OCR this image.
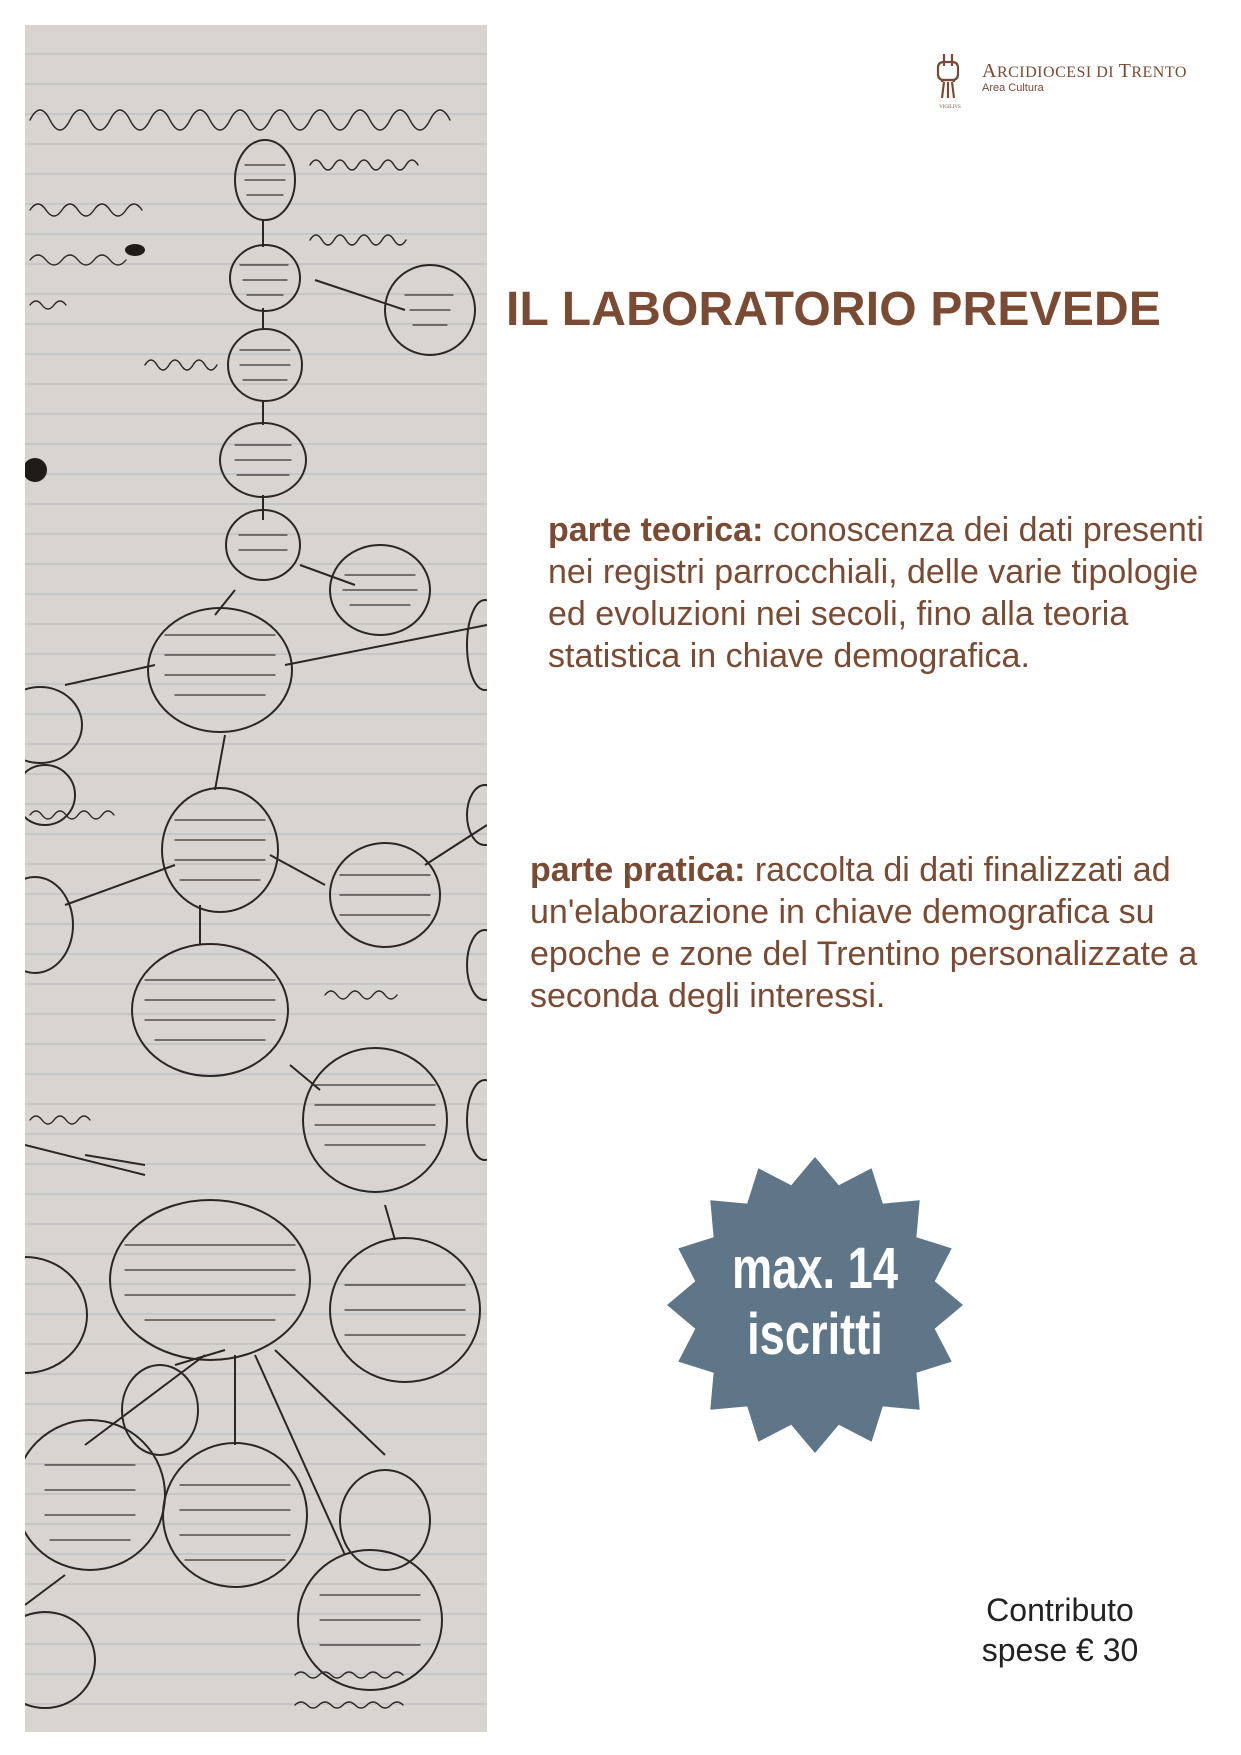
VIGILIVS
ARCIDIOCESI DI TRENTO
Area Cultura
IL LABORATORIO PREVEDE

parte teorica: conoscenza dei dati presenti nei registri parrocchiali, delle varie tipologie ed evoluzioni nei secoli, fino alla teoria statistica in chiave demografica.

parte pratica: raccolta di dati finalizzati ad un'elaborazione in chiave demografica su epoche e zone del Trentino personalizzate a seconda degli interessi.

max. 14
iscritti
Contributo
spese € 30
